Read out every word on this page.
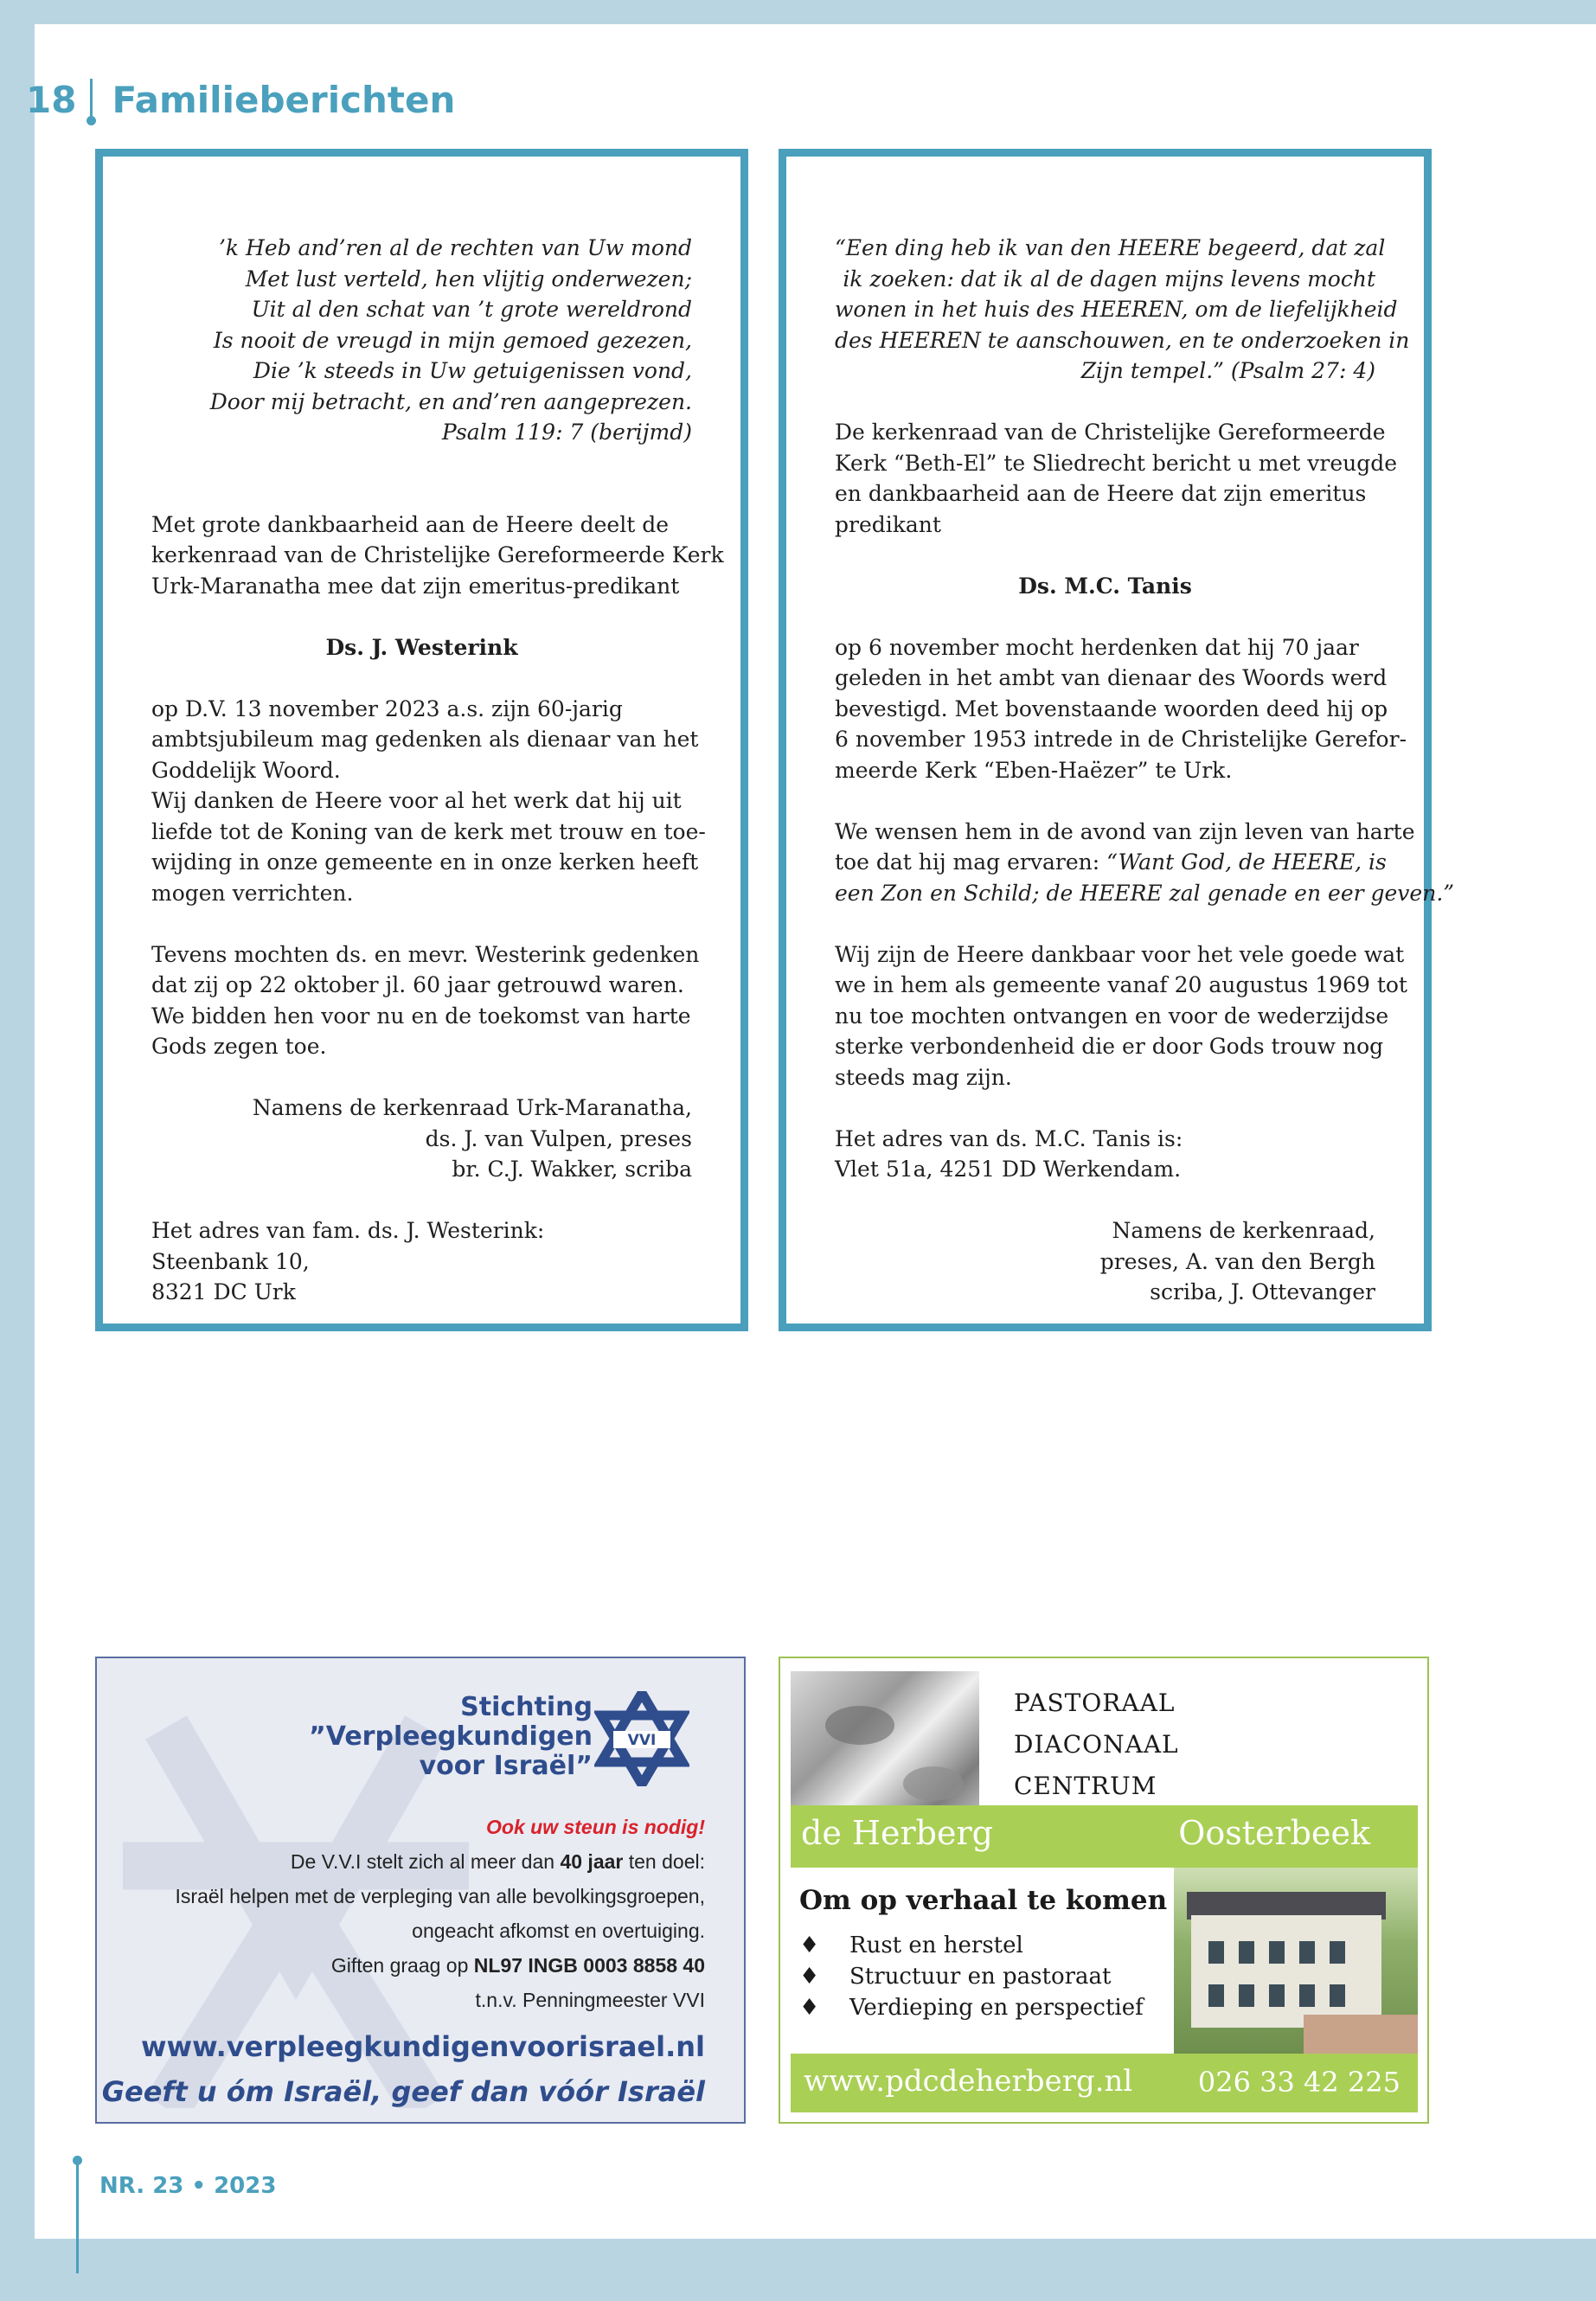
18 Familieberichten
’k Heb and’ren al de rechten van Uw mond
Met lust verteld, hen vlijtig onderwezen;
Uit al den schat van ’t grote wereldrond
Is nooit de vreugd in mijn gemoed gezezen,
Die ’k steeds in Uw getuigenissen vond,
Door mij betracht, en and’ren aangeprezen.
Psalm 119: 7 (berijmd)
Met grote dankbaarheid aan de Heere deelt de
kerkenraad van de Christelijke Gereformeerde Kerk
Urk-Maranatha mee dat zijn emeritus-predikant
Ds. J. Westerink
op D.V. 13 november 2023 a.s. zijn 60-jarig
ambtsjubileum mag gedenken als dienaar van het
Goddelijk Woord.
Wij danken de Heere voor al het werk dat hij uit
liefde tot de Koning van de kerk met trouw en toe-
wijding in onze gemeente en in onze kerken heeft
mogen verrichten.
Tevens mochten ds. en mevr. Westerink gedenken
dat zij op 22 oktober jl. 60 jaar getrouwd waren.
We bidden hen voor nu en de toekomst van harte
Gods zegen toe.
Namens de kerkenraad Urk-Maranatha,
ds. J. van Vulpen, preses
br. C.J. Wakker, scriba
Het adres van fam. ds. J. Westerink:
Steenbank 10,
8321 DC Urk
“Een ding heb ik van den HEERE begeerd, dat zal
ik zoeken: dat ik al de dagen mijns levens mocht
wonen in het huis des HEEREN, om de liefelijkheid
des HEEREN te aanschouwen, en te onderzoeken in
Zijn tempel.” (Psalm 27: 4)
De kerkenraad van de Christelijke Gereformeerde
Kerk “Beth-El” te Sliedrecht bericht u met vreugde
en dankbaarheid aan de Heere dat zijn emeritus
predikant
Ds. M.C. Tanis
op 6 november mocht herdenken dat hij 70 jaar
geleden in het ambt van dienaar des Woords werd
bevestigd. Met bovenstaande woorden deed hij op
6 november 1953 intrede in de Christelijke Gerefor-
meerde Kerk “Eben-Haëzer” te Urk.
We wensen hem in de avond van zijn leven van harte
toe dat hij mag ervaren: “Want God, de HEERE, is
een Zon en Schild; de HEERE zal genade en eer geven.”
Wij zijn de Heere dankbaar voor het vele goede wat
we in hem als gemeente vanaf 20 augustus 1969 tot
nu toe mochten ontvangen en voor de wederzijdse
sterke verbondenheid die er door Gods trouw nog
steeds mag zijn.
Het adres van ds. M.C. Tanis is:
Vlet 51a, 4251 DD Werkendam.
Namens de kerkenraad,
preses, A. van den Bergh
scriba, J. Ottevanger
Stichting
”Verpleegkundigen
voor Israël”
VVI
Ook uw steun is nodig!
De V.V.I stelt zich al meer dan 40 jaar ten doel:
Israël helpen met de verpleging van alle bevolkingsgroepen,
ongeacht afkomst en overtuiging.
Giften graag op NL97 INGB 0003 8858 40
t.n.v. Penningmeester VVI
www.verpleegkundigenvoorisrael.nl
Geeft u óm Israël, geef dan vóór Israël
PASTORAAL
DIACONAAL
CENTRUM
de Herberg	Oosterbeek
Om op verhaal te komen
♦ Rust en herstel
♦ Structuur en pastoraat
♦ Verdieping en perspectief
www.pdcdeherberg.nl 026 33 42 225
NR. 23 • 2023
